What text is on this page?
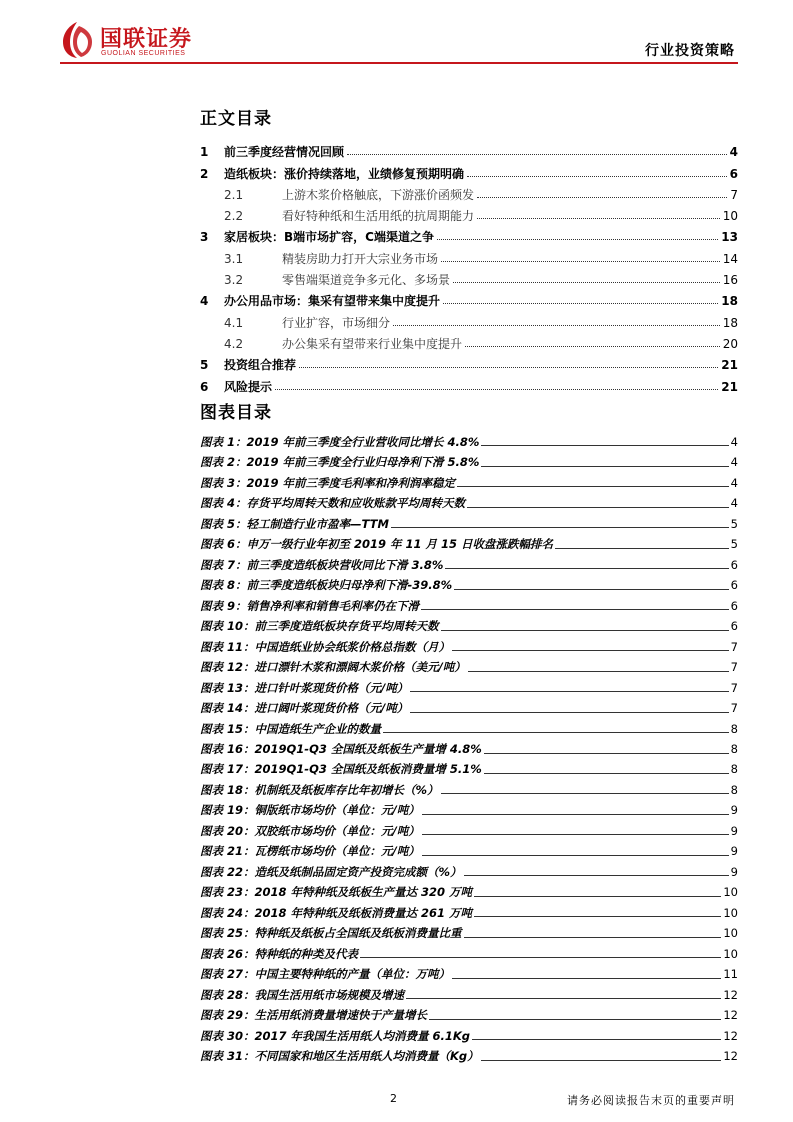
国联证券
GUOLIAN SECURITIES	行业投资策略
正文目录
1	前三季度经营情况回顾	4
2	造纸板块：涨价持续落地，业绩修复预期明确	6
2.1	上游木浆价格触底，下游涨价函频发	7
2.2	看好特种纸和生活用纸的抗周期能力	10
3	家居板块：B端市场扩容，C端渠道之争	13
3.1	精装房助力打开大宗业务市场	14
3.2	零售端渠道竞争多元化、多场景	16
4	办公用品市场：集采有望带来集中度提升	18
4.1	行业扩容，市场细分	18
4.2	办公集采有望带来行业集中度提升	20
5	投资组合推荐	21
6	风险提示	21
图表目录
图表 1：2019 年前三季度全行业营收同比增长 4.8%	4
图表 2：2019 年前三季度全行业归母净利下滑 5.8%	4
图表 3：2019 年前三季度毛利率和净利润率稳定	4
图表 4：存货平均周转天数和应收账款平均周转天数	4
图表 5：轻工制造行业市盈率—TTM	5
图表 6：申万一级行业年初至 2019 年 11 月 15 日收盘涨跌幅排名	5
图表 7：前三季度造纸板块营收同比下滑 3.8%	6
图表 8：前三季度造纸板块归母净利下滑-39.8%	6
图表 9：销售净利率和销售毛利率仍在下滑	6
图表 10：前三季度造纸板块存货平均周转天数	6
图表 11：中国造纸业协会纸浆价格总指数（月）	7
图表 12：进口漂针木浆和漂阔木浆价格（美元/吨）	7
图表 13：进口针叶浆现货价格（元/吨）	7
图表 14：进口阔叶浆现货价格（元/吨）	7
图表 15：中国造纸生产企业的数量	8
图表 16：2019Q1-Q3 全国纸及纸板生产量增 4.8%	8
图表 17：2019Q1-Q3 全国纸及纸板消费量增 5.1%	8
图表 18：机制纸及纸板库存比年初增长（%）	8
图表 19：铜版纸市场均价（单位：元/吨）	9
图表 20：双胶纸市场均价（单位：元/吨）	9
图表 21：瓦楞纸市场均价（单位：元/吨）	9
图表 22：造纸及纸制品固定资产投资完成额（%）	9
图表 23：2018 年特种纸及纸板生产量达 320 万吨	10
图表 24：2018 年特种纸及纸板消费量达 261 万吨	10
图表 25：特种纸及纸板占全国纸及纸板消费量比重	10
图表 26：特种纸的种类及代表	10
图表 27：中国主要特种纸的产量（单位：万吨）	11
图表 28：我国生活用纸市场规模及增速	12
图表 29：生活用纸消费量增速快于产量增长	12
图表 30：2017 年我国生活用纸人均消费量 6.1Kg	12
图表 31：不同国家和地区生活用纸人均消费量（Kg）	12
2	请务必阅读报告末页的重要声明
